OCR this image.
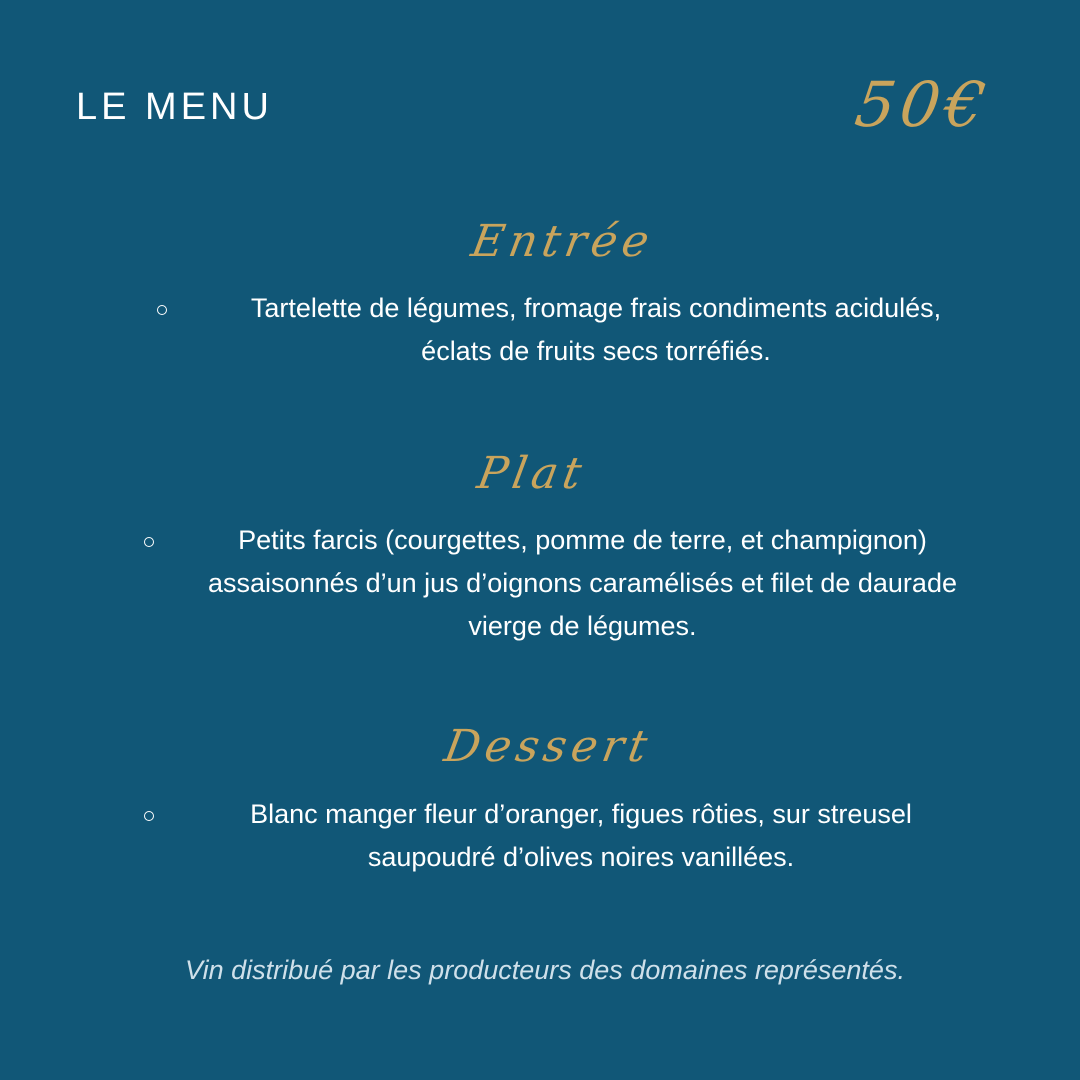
LE MENU	50€
Entrée
Tartelette de légumes, fromage frais condiments acidulés, éclats de fruits secs torréfiés.
Plat
Petits farcis (courgettes, pomme de terre, et champignon) assaisonnés d’un jus d’oignons caramélisés et filet de daurade vierge de légumes.
Dessert
Blanc manger fleur d’oranger, figues rôties, sur streusel saupoudré d’olives noires vanillées.
Vin distribué par les producteurs des domaines représentés.
